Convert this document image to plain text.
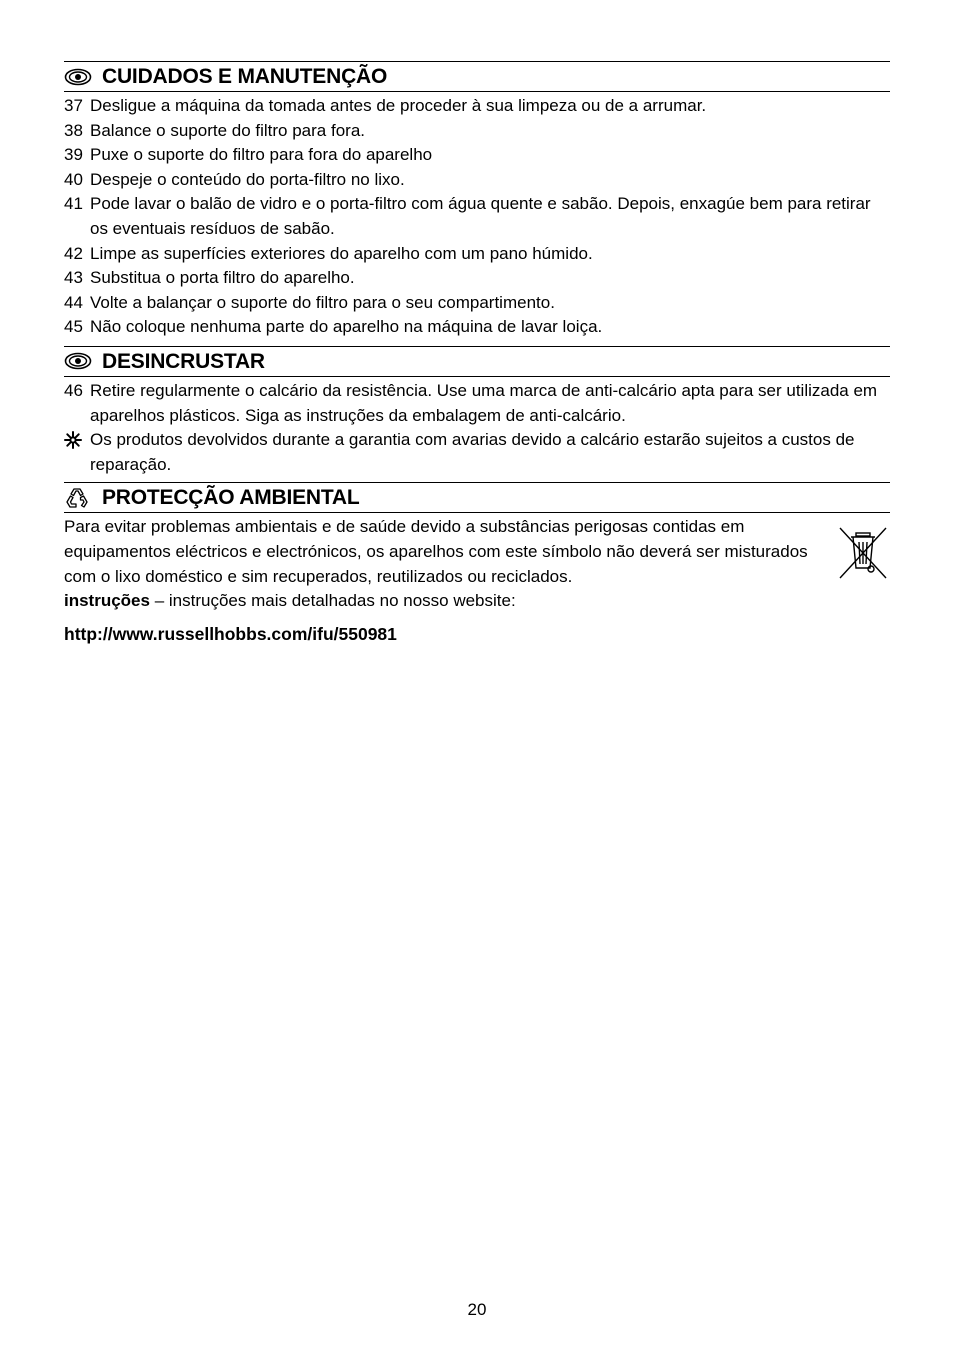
CUIDADOS E MANUTENÇÃO
37 Desligue a máquina da tomada antes de proceder à sua limpeza ou de a arrumar.
38 Balance o suporte do filtro para fora.
39 Puxe o suporte do filtro para fora do aparelho
40 Despeje o conteúdo do porta-filtro no lixo.
41 Pode lavar o balão de vidro e o porta-filtro com água quente e sabão. Depois, enxagúe bem para retirar os eventuais resíduos de sabão.
42 Limpe as superfícies exteriores do aparelho com um pano húmido.
43 Substitua o porta filtro do aparelho.
44 Volte a balançar o suporte do filtro para o seu compartimento.
45 Não coloque nenhuma parte do aparelho na máquina de lavar loiça.
DESINCRUSTAR
46 Retire regularmente o calcário da resistência. Use uma marca de anti-calcário apta para ser utilizada em aparelhos plásticos. Siga as instruções da embalagem de anti-calcário.
Os produtos devolvidos durante a garantia com avarias devido a calcário estarão sujeitos a custos de reparação.
PROTECÇÃO AMBIENTAL
Para evitar problemas ambientais e de saúde devido a substâncias perigosas contidas em equipamentos eléctricos e electrónicos, os aparelhos com este símbolo não deverá ser misturados com o lixo doméstico e sim recuperados, reutilizados ou reciclados.
instruções – instruções mais detalhadas no nosso website:
http://www.russellhobbs.com/ifu/550981
20
